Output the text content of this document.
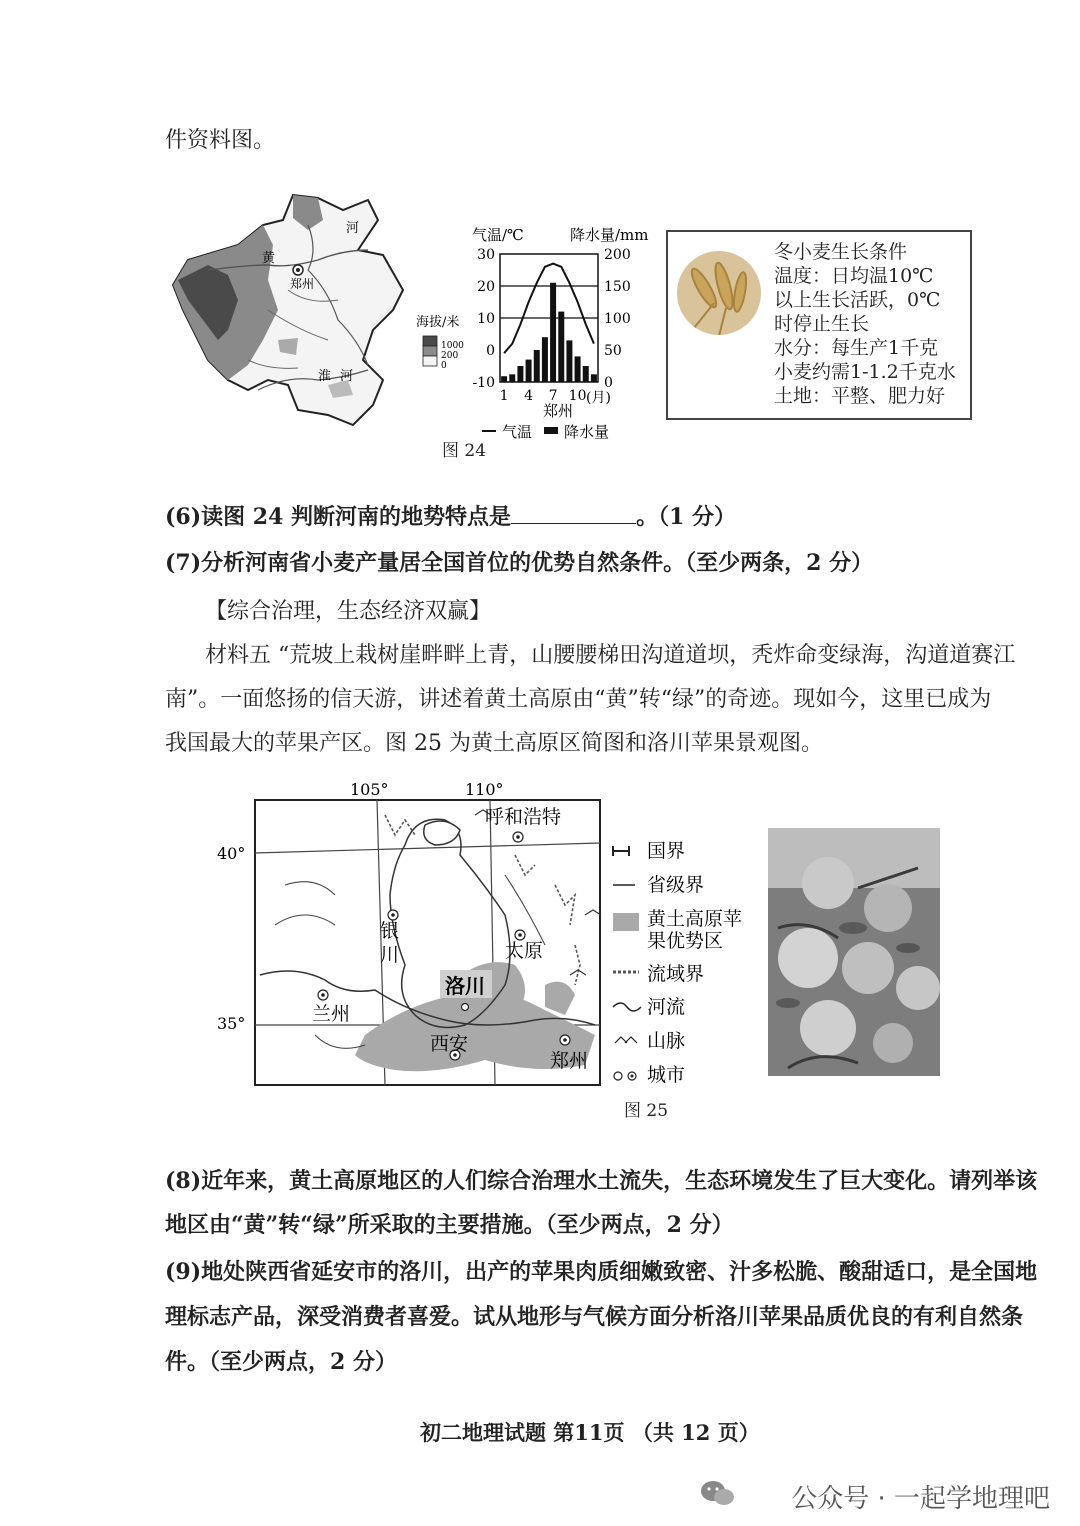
件资料图。
河
黄
郑州
淮 河
海拔/米
1000
200
0
气温/℃	降水量/mm
30
20
10
0
-10
200
150
100
50
0
1 4 7 10
郑州
(月)
气温 降水量
冬小麦生长条件
温度：日均温10℃
以上生长活跃，0℃
时停止生长
水分：每生产1千克
小麦约需1-1.2千克水
土地：平整、肥力好
图 24
(6)读图 24 判断河南的地势特点是	。（1 分）
(7)分析河南省小麦产量居全国首位的优势自然条件。（至少两条，2 分）
【综合治理，生态经济双赢】
材料五 “荒坡上栽树崖畔畔上青，山腰腰梯田沟道道坝，秃炸命变绿海，沟道道赛江
南”。一面悠扬的信天游，讲述着黄土高原由“黄”转“绿”的奇迹。现如今，这里已成为
我国最大的苹果产区。图 25 为黄土高原区简图和洛川苹果景观图。
105°	110°
40°
35°
呼和浩特
银
川	太原
洛川
兰州
西安
郑州
国界
省级界
黄土高原苹
果优势区
流域界
河流
山脉
城市
图 25
(8)近年来，黄土高原地区的人们综合治理水土流失，生态环境发生了巨大变化。请列举该
地区由“黄”转“绿”所采取的主要措施。（至少两点，2 分）
(9)地处陕西省延安市的洛川，出产的苹果肉质细嫩致密、汁多松脆、酸甜适口，是全国地
理标志产品，深受消费者喜爱。试从地形与气候方面分析洛川苹果品质优良的有利自然条
件。（至少两点，2 分）
初二地理试题 第11页 （共 12 页）
公众号 · 一起学地理吧
